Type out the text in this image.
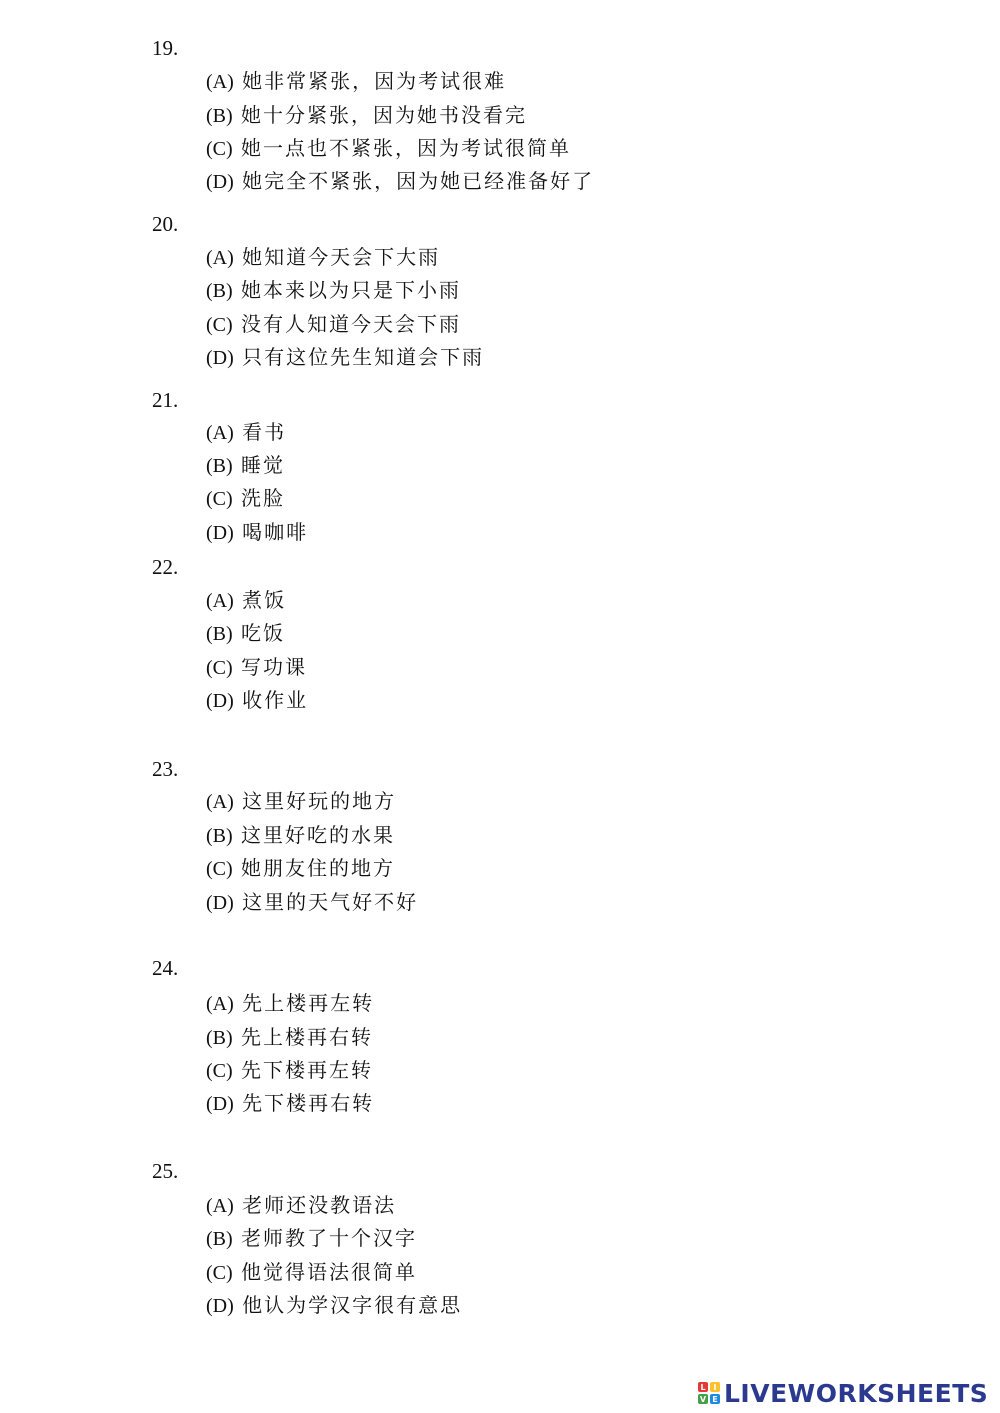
19.
(A) 她非常紧张，因为考试很难
(B) 她十分紧张，因为她书没看完
(C) 她一点也不紧张，因为考试很简单
(D) 她完全不紧张，因为她已经准备好了
20.
(A) 她知道今天会下大雨
(B) 她本来以为只是下小雨
(C) 没有人知道今天会下雨
(D) 只有这位先生知道会下雨
21.
(A) 看书
(B) 睡觉
(C) 洗脸
(D) 喝咖啡
22.
(A) 煮饭
(B) 吃饭
(C) 写功课
(D) 收作业
23.
(A) 这里好玩的地方
(B) 这里好吃的水果
(C) 她朋友住的地方
(D) 这里的天气好不好
24.
(A) 先上楼再左转
(B) 先上楼再右转
(C) 先下楼再左转
(D) 先下楼再右转
25.
(A) 老师还没教语法
(B) 老师教了十个汉字
(C) 他觉得语法很简单
(D) 他认为学汉字很有意思
L I
V E LIVEWORKSHEETS
